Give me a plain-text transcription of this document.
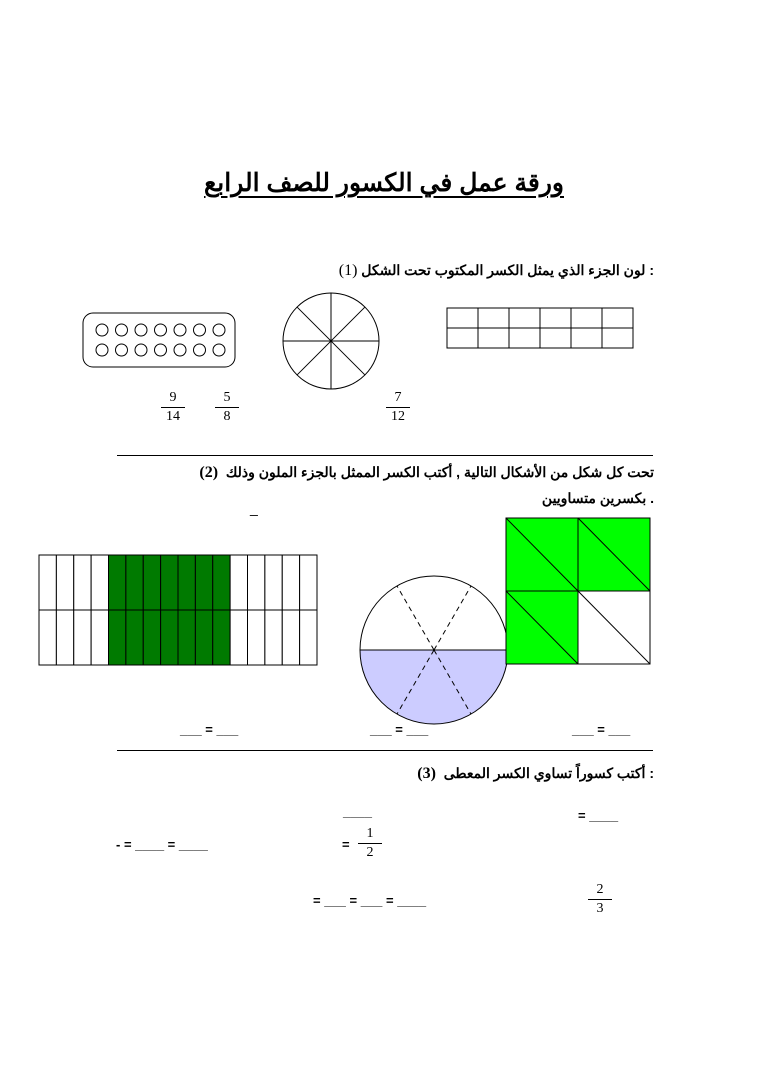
ورقة عمل في الكسور للصف الرابع
: لون الجزء الذي يمثل الكسر المكتوب تحت الشكل (1)
9
14
5
8
7
12
تحت كل شكل من الأشكال التالية , أكتب الكسر الممثل بالجزء الملون وذلك  (2)
. بكسرين متساويين
_
___ = ___	___ = ___	___ = ___
: أكتب كسوراً تساوي الكسر المعطى  (3)
= ____
____
=
1
2
- = ____ = ____
2
3
= ___ = ___ = ____
